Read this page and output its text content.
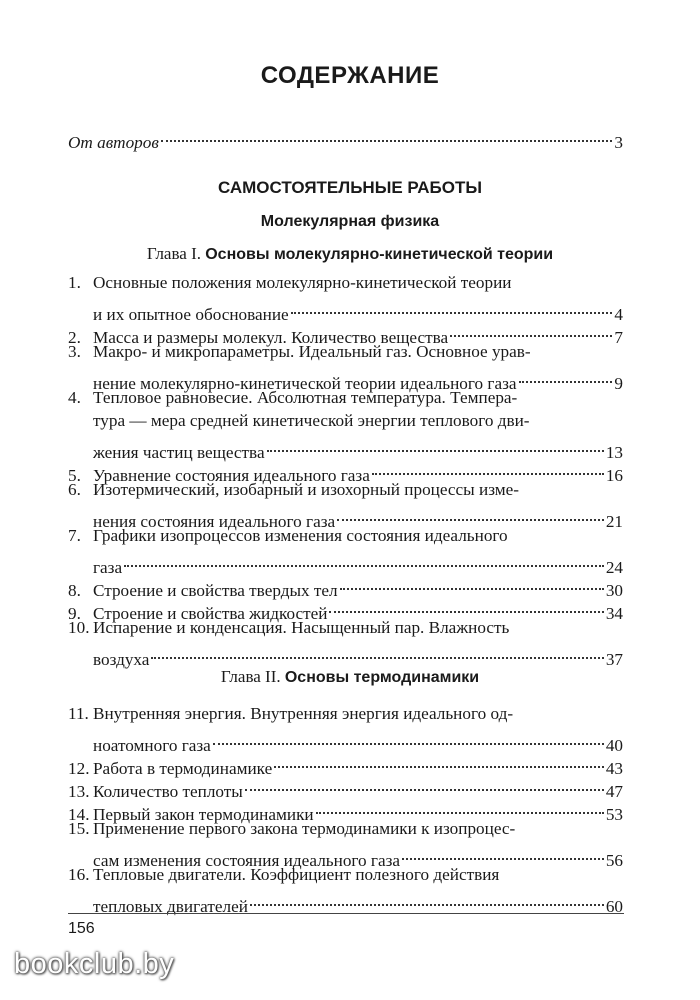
СОДЕРЖАНИЕ
От авторов	3
САМОСТОЯТЕЛЬНЫЕ РАБОТЫ
Молекулярная физика
Глава I. Основы молекулярно-кинетической теории
1. Основные положения молекулярно-кинетической теории
и их опытное обоснование	4
2. Масса и размеры молекул. Количество вещества	7
3. Макро- и микропараметры. Идеальный газ. Основное урав-
нение молекулярно-кинетической теории идеального газа	9
4. Тепловое равновесие. Абсолютная температура. Темпера-
тура — мера средней кинетической энергии теплового дви-
жения частиц вещества	13
5. Уравнение состояния идеального газа	16
6. Изотермический, изобарный и изохорный процессы изме-
нения состояния идеального газа	21
7. Графики изопроцессов изменения состояния идеального
газа	24
8. Строение и свойства твердых тел	30
9. Строение и свойства жидкостей	34
10. Испарение и конденсация. Насыщенный пар. Влажность
воздуха	37
Глава II. Основы термодинамики
11. Внутренняя энергия. Внутренняя энергия идеального од-
ноатомного газа	40
12. Работа в термодинамике	43
13. Количество теплоты	47
14. Первый закон термодинамики	53
15. Применение первого закона термодинамики к изопроцес-
сам изменения состояния идеального газа	56
16. Тепловые двигатели. Коэффициент полезного действия
тепловых двигателей	60
156
bookclub.by
